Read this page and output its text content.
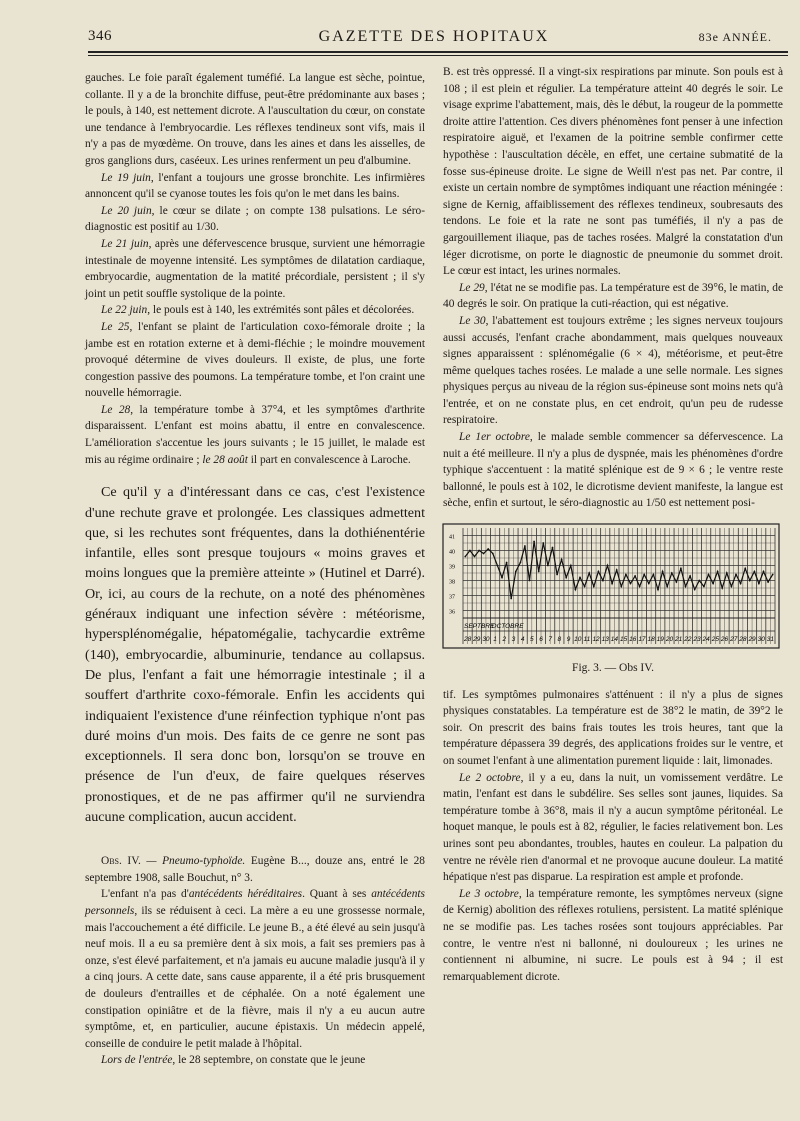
346	GAZETTE DES HOPITAUX	83e ANNÉE.

gauches. Le foie paraît également tuméfié. La langue est sèche, pointue, collante. Il y a de la bronchite diffuse, peut-être prédominante aux bases ; le pouls, à 140, est nettement dicrote. A l'auscultation du cœur, on constate une tendance à l'embryocardie. Les réflexes tendineux sont vifs, mais il n'y a pas de myœdème. On trouve, dans les aines et dans les aisselles, de gros ganglions durs, caséeux. Les urines renferment un peu d'albumine.

Le 19 juin, l'enfant a toujours une grosse bronchite. Les infirmières annoncent qu'il se cyanose toutes les fois qu'on le met dans les bains.

Le 20 juin, le cœur se dilate ; on compte 138 pulsations. Le séro-diagnostic est positif au 1/30.

Le 21 juin, après une défervescence brusque, survient une hémorragie intestinale de moyenne intensité. Les symptômes de dilatation cardiaque, embryocardie, augmentation de la matité précordiale, persistent ; il s'y joint un petit souffle systolique de la pointe.

Le 22 juin, le pouls est à 140, les extrémités sont pâles et décolorées.

Le 25, l'enfant se plaint de l'articulation coxo-fémorale droite ; la jambe est en rotation externe et à demi-fléchie ; le moindre mouvement provoqué détermine de vives douleurs. Il existe, de plus, une forte congestion passive des poumons. La température tombe, et l'on craint une nouvelle hémorragie.

Le 28, la température tombe à 37°4, et les symptômes d'arthrite disparaissent. L'enfant est moins abattu, il entre en convalescence. L'amélioration s'accentue les jours suivants ; le 15 juillet, le malade est mis au régime ordinaire ; le 28 août il part en convalescence à Laroche.

Ce qu'il y a d'intéressant dans ce cas, c'est l'existence d'une rechute grave et prolongée. Les classiques admettent que, si les rechutes sont fréquentes, dans la dothiénentérie infantile, elles sont presque toujours « moins graves et moins longues que la première atteinte » (Hutinel et Darré). Or, ici, au cours de la rechute, on a noté des phénomènes généraux indiquant une infection sévère : météorisme, hypersplénomégalie, hépatomégalie, tachycardie extrême (140), embryocardie, albuminurie, tendance au collapsus. De plus, l'enfant a fait une hémorragie intestinale ; il a souffert d'arthrite coxo-fémorale. Enfin les accidents qui indiquaient l'existence d'une réinfection typhique n'ont pas duré moins d'un mois. Des faits de ce genre ne sont pas exceptionnels. Il sera donc bon, lorsqu'on se trouve en présence de l'un d'eux, de faire quelques réserves pronostiques, et de ne pas affirmer qu'il ne surviendra aucune complication, aucun accident.

Obs. IV. — Pneumo-typhoïde. Eugène B..., douze ans, entré le 28 septembre 1908, salle Bouchut, n° 3.

L'enfant n'a pas d'antécédents héréditaires. Quant à ses antécédents personnels, ils se réduisent à ceci. La mère a eu une grossesse normale, mais l'accouchement a été difficile. Le jeune B., a été élevé au sein jusqu'à neuf mois. Il a eu sa première dent à six mois, a fait ses premiers pas à onze, s'est élevé parfaitement, et n'a jamais eu aucune maladie jusqu'à il y a cinq jours. A cette date, sans cause apparente, il a été pris brusquement de douleurs d'entrailles et de céphalée. On a noté également une constipation opiniâtre et de la fièvre, mais il n'y a eu aucun autre symptôme, et, en particulier, aucune épistaxis. Un médecin appelé, conseille de conduire le petit malade à l'hôpital.

Lors de l'entrée, le 28 septembre, on constate que le jeune

B. est très oppressé. Il a vingt-six respirations par minute. Son pouls est à 108 ; il est plein et régulier. La température atteint 40 degrés le soir. Le visage exprime l'abattement, mais, dès le début, la rougeur de la pommette droite attire l'attention. Ces divers phénomènes font penser à une infection respiratoire aiguë, et l'examen de la poitrine semble confirmer cette hypothèse : l'auscultation décèle, en effet, une certaine submatité de la fosse sus-épineuse droite. Le signe de Weill n'est pas net. Par contre, il existe un certain nombre de symptômes indiquant une réaction méningée : signe de Kernig, affaiblissement des réflexes tendineux, soubresauts des tendons. Le foie et la rate ne sont pas tuméfiés, il n'y a pas de gargouillement iliaque, pas de taches rosées. Malgré la constatation d'un léger dicrotisme, on porte le diagnostic de pneumonie du sommet droit. Le cœur est intact, les urines normales.

Le 29, l'état ne se modifie pas. La température est de 39°6, le matin, de 40 degrés le soir. On pratique la cuti-réaction, qui est négative.

Le 30, l'abattement est toujours extrême ; les signes nerveux toujours aussi accusés, l'enfant crache abondamment, mais quelques nouveaux signes apparaissent : splénomégalie (6 × 4), météorisme, et peut-être même quelques taches rosées. Le malade a une selle normale. Les signes physiques perçus au niveau de la région sus-épineuse sont moins nets qu'à l'entrée, et on ne constate plus, en cet endroit, qu'un peu de rudesse respiratoire.

Le 1er octobre, le malade semble commencer sa défervescence. La nuit a été meilleure. Il n'y a plus de dyspnée, mais les phénomènes d'ordre typhique s'accentuent : la matité splénique est de 9 × 6 ; le ventre reste ballonné, le pouls est à 102, le dicrotisme devient manifeste, la langue est sèche, enfin et surtout, le séro-diagnostic au 1/50 est nettement posi-

41
40
39
38
37
36
SEPTBRE
OCTOBRE
28 29 30 1 2 3 4 5 6 7 8 9 10 11 12 13 14 15 16 17 18 19 20 21 22 23 24 25 26 27 28 29 30 31
Fig. 3. — Obs IV.

tif. Les symptômes pulmonaires s'atténuent : il n'y a plus de signes physiques constatables. La température est de 38°2 le matin, de 39°2 le soir. On prescrit des bains frais toutes les trois heures, tant que la température dépassera 39 degrés, des applications froides sur le ventre, et on soumet l'enfant à une alimentation purement liquide : lait, limonades.

Le 2 octobre, il y a eu, dans la nuit, un vomissement verdâtre. Le matin, l'enfant est dans le subdélire. Ses selles sont jaunes, liquides. Sa température tombe à 36°8, mais il n'y a aucun symptôme péritonéal. Le hoquet manque, le pouls est à 82, régulier, le facies relativement bon. Les urines sont peu abondantes, troubles, hautes en couleur. La palpation du ventre ne révèle rien d'anormal et ne provoque aucune douleur. La matité hépatique n'est pas disparue. La respiration est ample et profonde.

Le 3 octobre, la température remonte, les symptômes nerveux (signe de Kernig) abolition des réflexes rotuliens, persistent. La matité splénique ne se modifie pas. Les taches rosées sont toujours appréciables. Par contre, le ventre n'est ni ballonné, ni douloureux ; les urines ne contiennent ni albumine, ni sucre. Le pouls est à 94 ; il est remarquablement dicrote.
